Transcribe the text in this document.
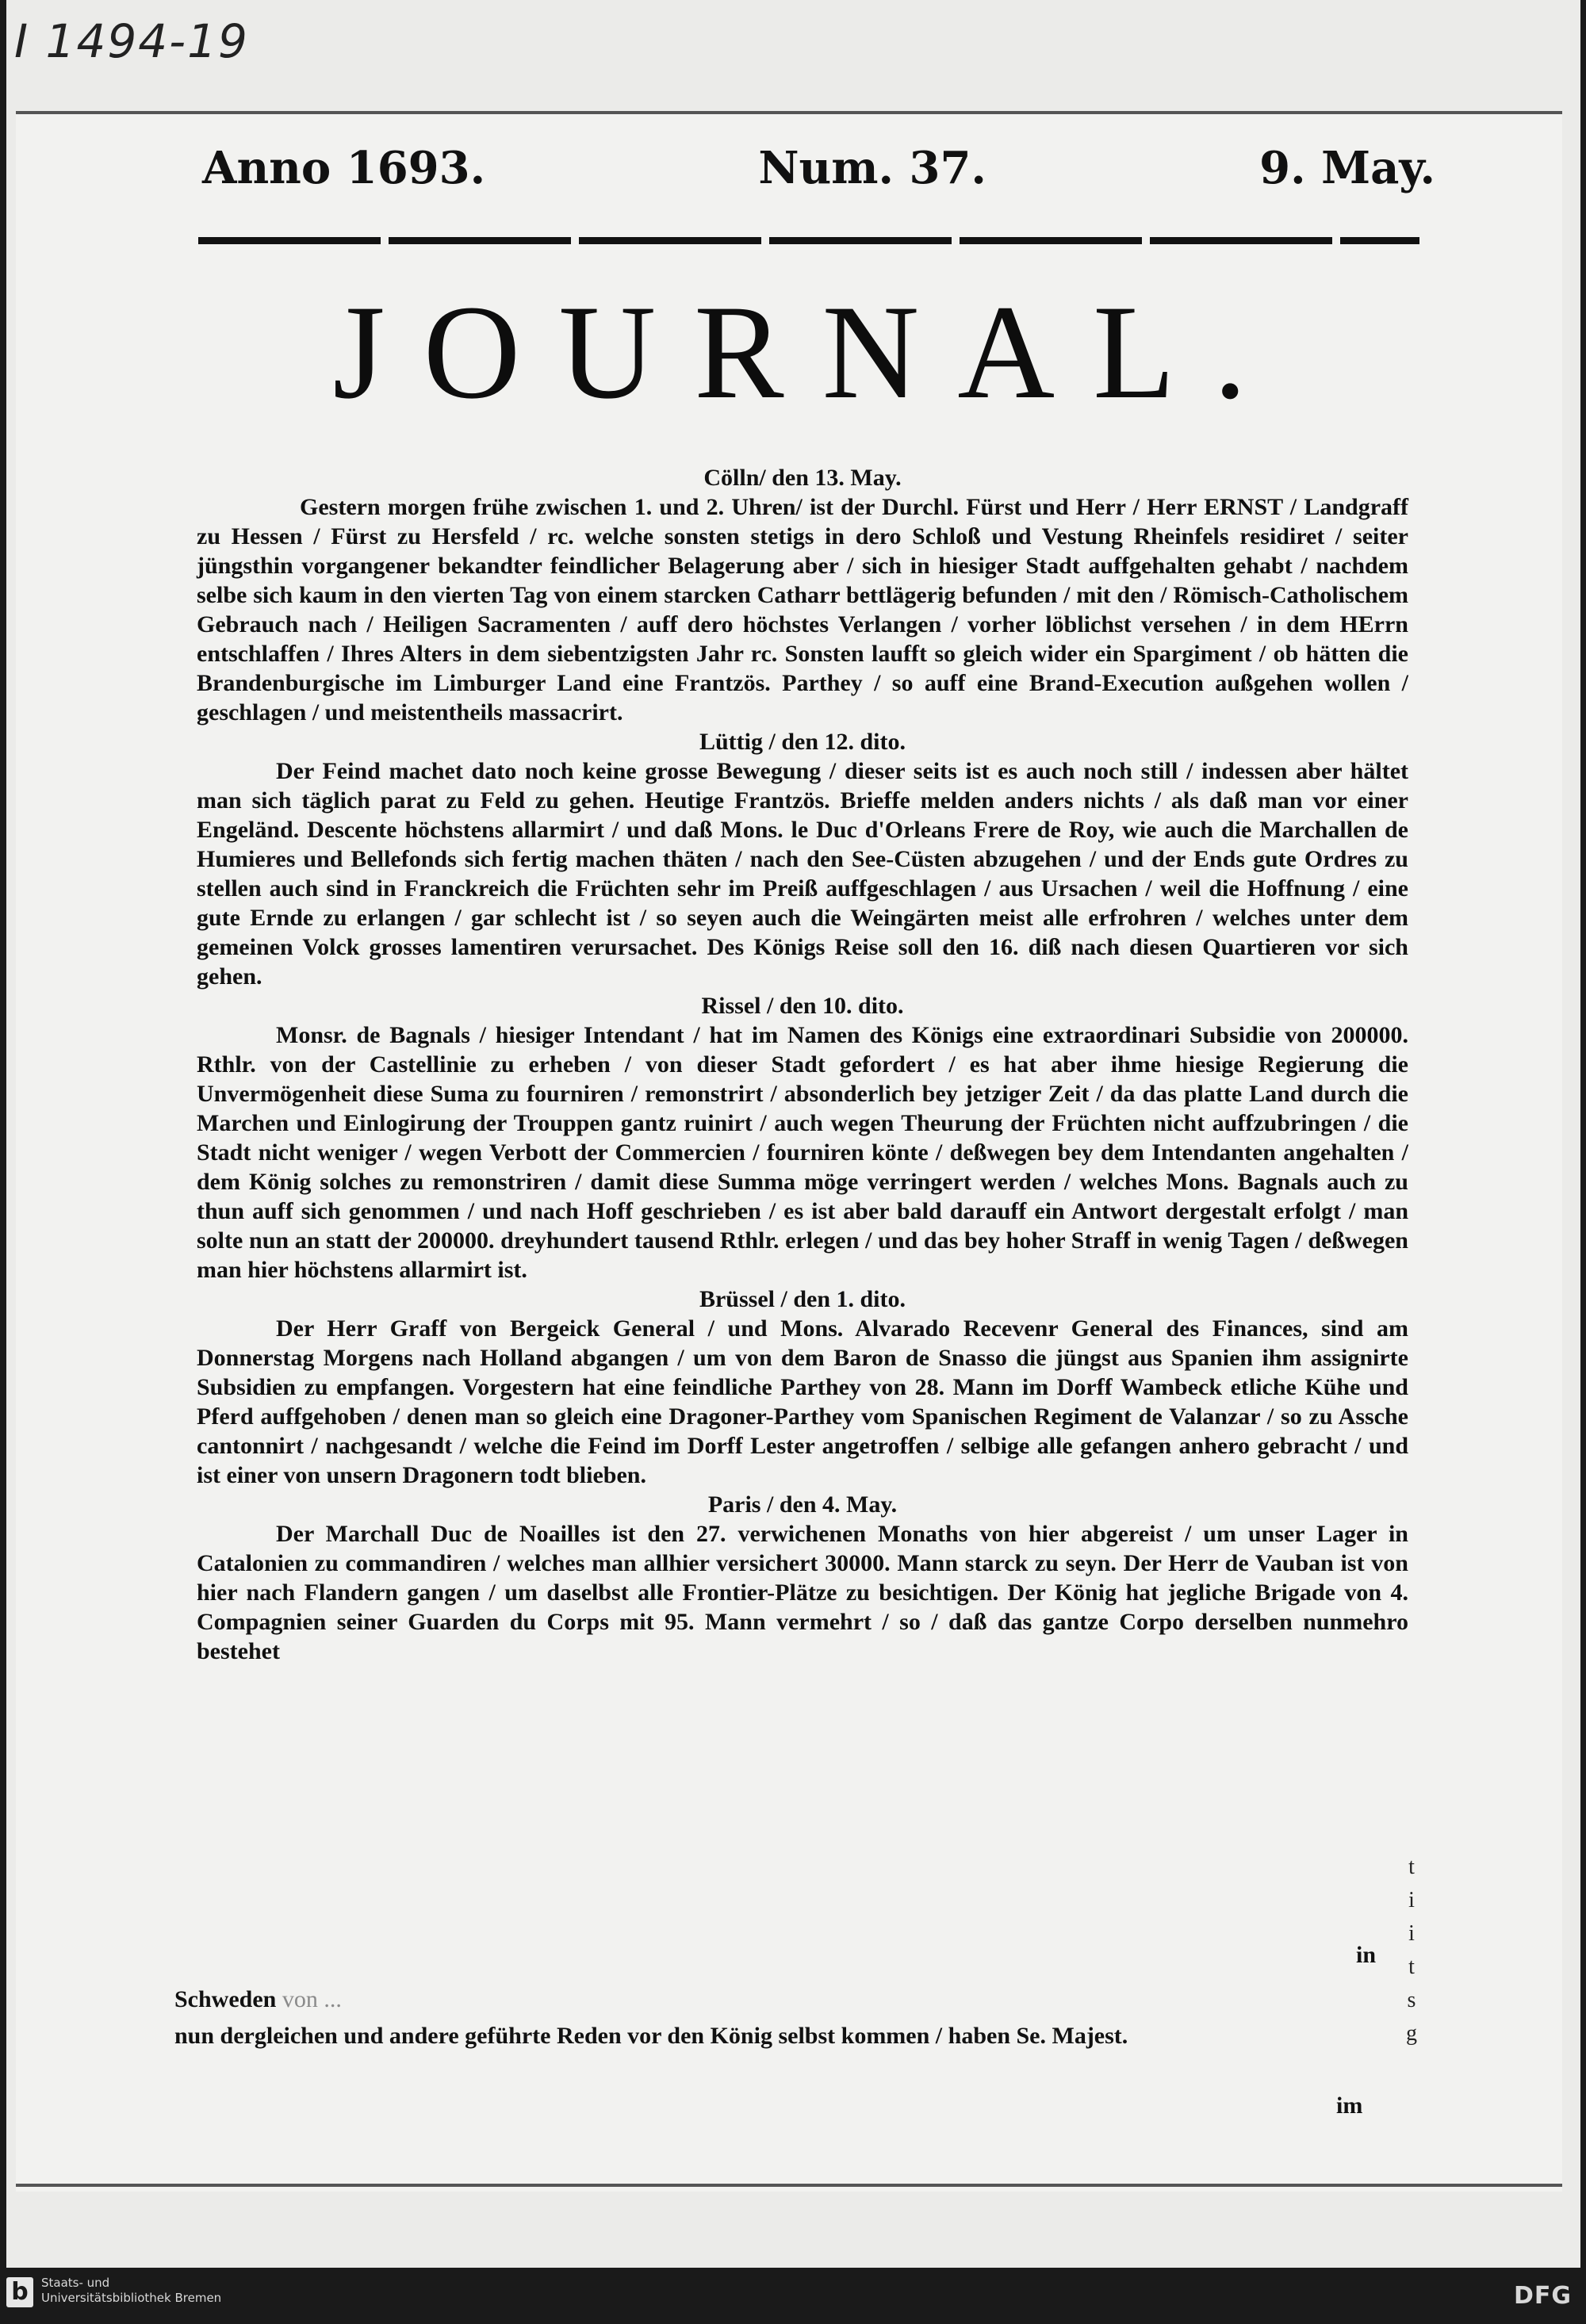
I 1494-19
Anno 1693.	Num. 37.	9. May.
JOURNAL.

Cölln/ den 13. May.

Gestern morgen frühe zwischen 1. und 2. Uhren/ ist der Durchl. Fürst und Herr / Herr ERNST / Landgraff zu Hessen / Fürst zu Hersfeld / rc. welche sonsten stetigs in dero Schloß und Vestung Rheinfels residiret / seiter jüngsthin vorgangener bekandter feindlicher Belagerung aber / sich in hiesiger Stadt auffgehalten gehabt / nachdem selbe sich kaum in den vierten Tag von einem starcken Catharr bettlägerig befunden / mit den / Römisch-Catholischem Gebrauch nach / Heiligen Sacramenten / auff dero höchstes Verlangen / vorher löblichst versehen / in dem HErrn entschlaffen / Ihres Alters in dem siebentzigsten Jahr rc. Sonsten laufft so gleich wider ein Spargiment / ob hätten die Brandenburgische im Limburger Land eine Frantzös. Parthey / so auff eine Brand-Execution außgehen wollen / geschlagen / und meistentheils massacrirt.

Lüttig / den 12. dito.

Der Feind machet dato noch keine grosse Bewegung / dieser seits ist es auch noch still / indessen aber hältet man sich täglich parat zu Feld zu gehen. Heutige Frantzös. Brieffe melden anders nichts / als daß man vor einer Engeländ. Descente höchstens allarmirt / und daß Mons. le Duc d'Orleans Frere de Roy, wie auch die Marchallen de Humieres und Bellefonds sich fertig machen thäten / nach den See-Cüsten abzugehen / und der Ends gute Ordres zu stellen auch sind in Franckreich die Früchten sehr im Preiß auffgeschlagen / aus Ursachen / weil die Hoffnung / eine gute Ernde zu erlangen / gar schlecht ist / so seyen auch die Weingärten meist alle erfrohren / welches unter dem gemeinen Volck grosses lamentiren verursachet. Des Königs Reise soll den 16. diß nach diesen Quartieren vor sich gehen.

Rissel / den 10. dito.

Monsr. de Bagnals / hiesiger Intendant / hat im Namen des Königs eine extraordinari Subsidie von 200000. Rthlr. von der Castellinie zu erheben / von dieser Stadt gefordert / es hat aber ihme hiesige Regierung die Unvermögenheit diese Suma zu fourniren / remonstrirt / absonderlich bey jetziger Zeit / da das platte Land durch die Marchen und Einlogirung der Trouppen gantz ruinirt / auch wegen Theurung der Früchten nicht auffzubringen / die Stadt nicht weniger / wegen Verbott der Commercien / fourniren könte / deßwegen bey dem Intendanten angehalten / dem König solches zu remonstriren / damit diese Summa möge verringert werden / welches Mons. Bagnals auch zu thun auff sich genommen / und nach Hoff geschrieben / es ist aber bald darauff ein Antwort dergestalt erfolgt / man solte nun an statt der 200000. dreyhundert tausend Rthlr. erlegen / und das bey hoher Straff in wenig Tagen / deßwegen man hier höchstens allarmirt ist.

Brüssel / den 1. dito.

Der Herr Graff von Bergeick General / und Mons. Alvarado Recevenr General des Finances, sind am Donnerstag Morgens nach Holland abgangen / um von dem Baron de Snasso die jüngst aus Spanien ihm assignirte Subsidien zu empfangen. Vorgestern hat eine feindliche Parthey von 28. Mann im Dorff Wambeck etliche Kühe und Pferd auffgehoben / denen man so gleich eine Dragoner-Parthey vom Spanischen Regiment de Valanzar / so zu Assche cantonnirt / nachgesandt / welche die Feind im Dorff Lester angetroffen / selbige alle gefangen anhero gebracht / und ist einer von unsern Dragonern todt blieben.

Paris / den 4. May.

Der Marchall Duc de Noailles ist den 27. verwichenen Monaths von hier abgereist / um unser Lager in Catalonien zu commandiren / welches man allhier versichert 30000. Mann starck zu seyn. Der Herr de Vauban ist von hier nach Flandern gangen / um daselbst alle Frontier-Plätze zu besichtigen. Der König hat jegliche Brigade von 4. Compagnien seiner Guarden du Corps mit 95. Mann vermehrt / so / daß das gantze Corpo derselben nunmehro bestehet

t
i
i
t
s
g
in
Schweden von ...
nun dergleichen und andere geführte Reden vor den König selbst kommen / haben Se. Majest.
im
b	Staats- und
Universitätsbibliothek Bremen	DFG
